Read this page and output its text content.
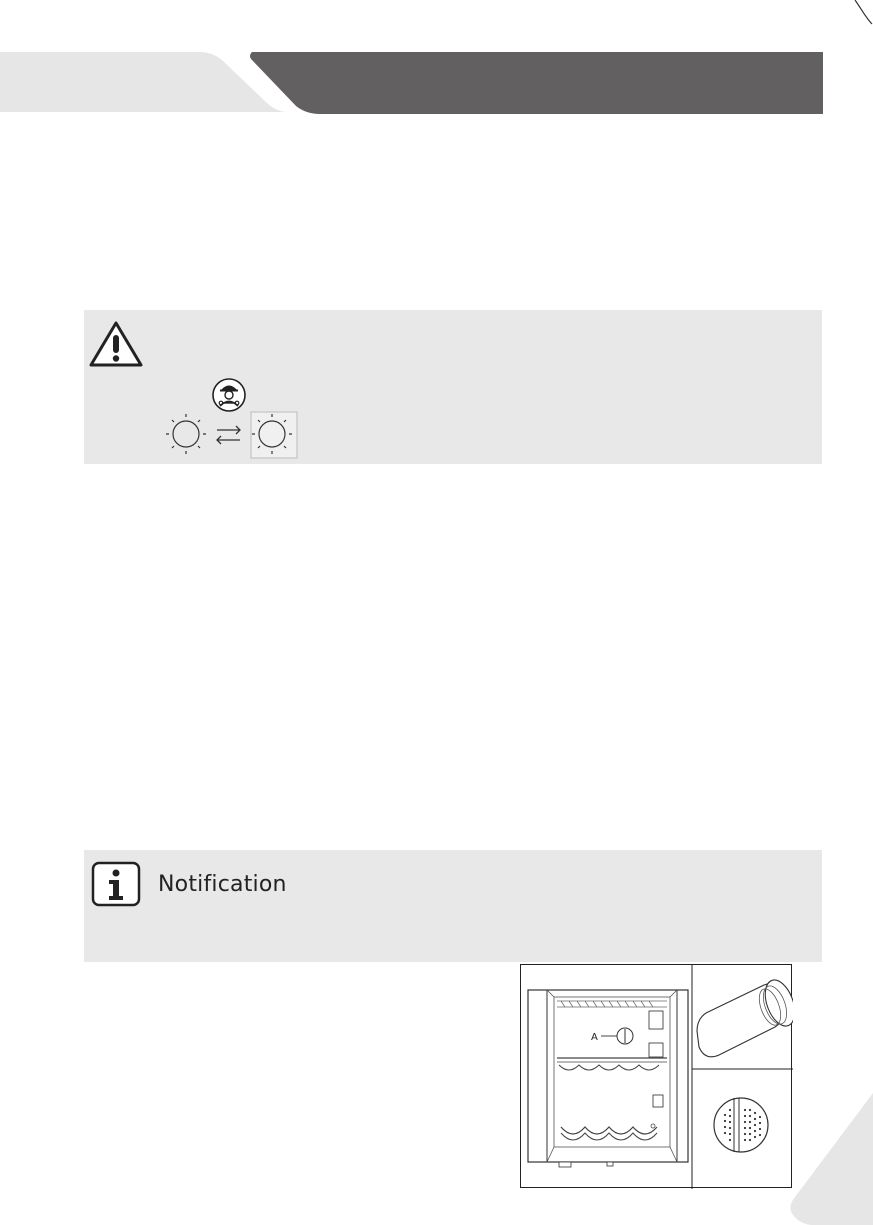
Notification
A
